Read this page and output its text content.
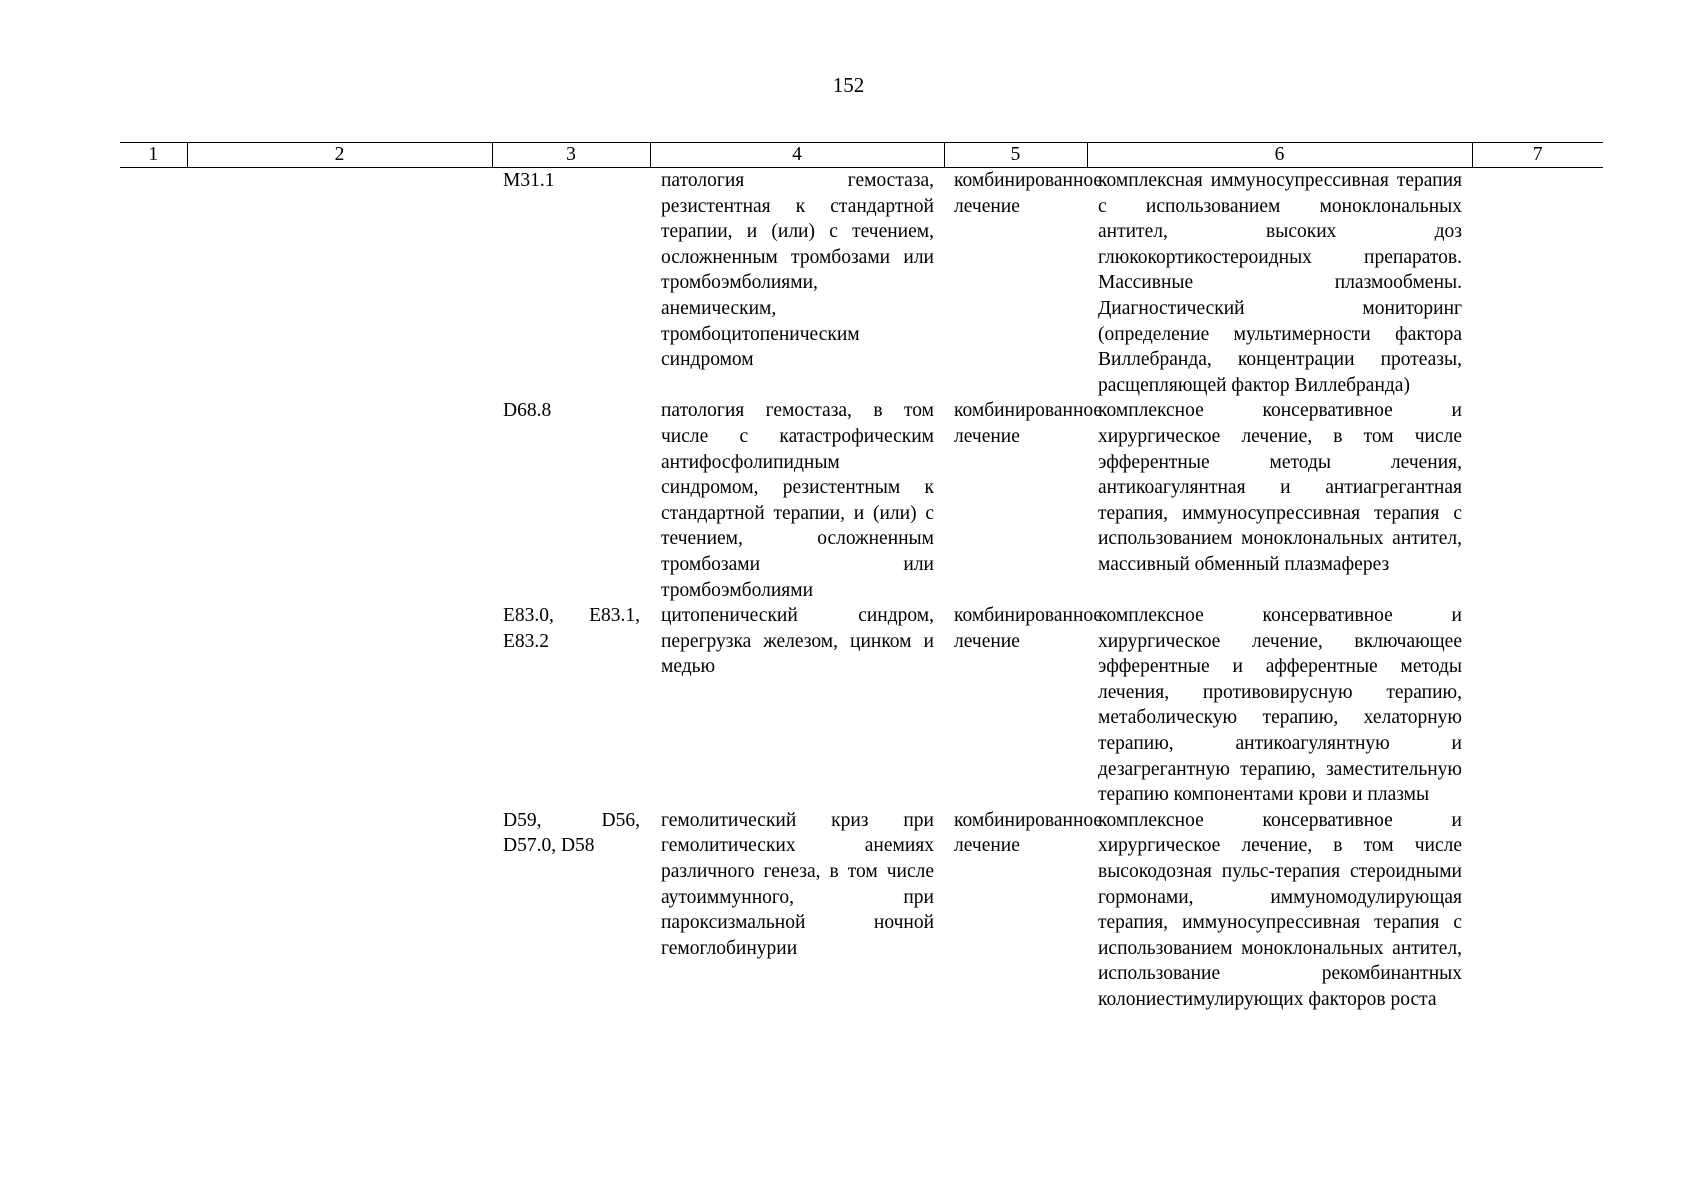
152
1	2	3	4	5	6	7
		M31.1	патология гемостаза, резистентная к стандартной терапии, и (или) с течением, осложненным тромбозами или тромбоэмболиями, анемическим, тромбоцитопеническим синдромом	комбинированное лечение	комплексная иммуносупрессивная терапия с использованием моноклональных антител, высоких доз глюкокортикостероидных препаратов. Массивные плазмообмены. Диагностический мониторинг (определение мультимерности фактора Виллебранда, концентрации протеазы, расщепляющей фактор Виллебранда)	
		D68.8	патология гемостаза, в том числе с катастрофическим антифосфолипидным синдромом, резистентным к стандартной терапии, и (или) с течением, осложненным тромбозами или тромбоэмболиями	комбинированное лечение	комплексное консервативное и хирургическое лечение, в том числе эфферентные методы лечения, антикоагулянтная и антиагрегантная терапия, иммуносупрессивная терапия с использованием моноклональных антител, массивный обменный плазмаферез	
		E83.0, E83.1, E83.2	цитопенический синдром, перегрузка железом, цинком и медью	комбинированное лечение	комплексное консервативное и хирургическое лечение, включающее эфферентные и афферентные методы лечения, противовирусную терапию, метаболическую терапию, хелаторную терапию, антикоагулянтную и дезагрегантную терапию, заместительную терапию компонентами крови и плазмы	
		D59, D56, D57.0, D58	гемолитический криз при гемолитических анемиях различного генеза, в том числе аутоиммунного, при пароксизмальной ночной гемоглобинурии	комбинированное лечение	комплексное консервативное и хирургическое лечение, в том числе высокодозная пульс-терапия стероидными гормонами, иммуномодулирующая терапия, иммуносупрессивная терапия с использованием моноклональных антител, использование рекомбинантных колониестимулирующих факторов роста	
